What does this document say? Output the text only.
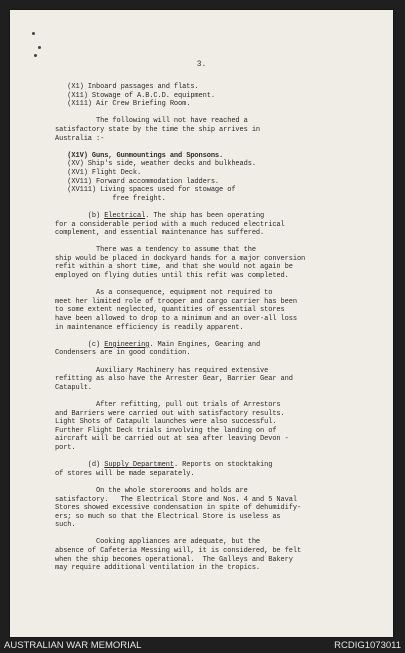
3.
(X1) Inboard passages and flats.
(X11) Stowage of A.B.C.D. equipment.
(X111) Air Crew Briefing Room.
The following will not have reached a
satisfactory state by the time the ship arrives in
Australia :-
(X1V) Guns, Gunmountings and Sponsons.
(XV) Ship's side, weather decks and bulkheads.
(XV1) Flight Deck.
(XV11) Forward accommodation ladders.
(XV111) Living spaces used for stowage of
free freight.
(b) Electrical. The ship has been operating
for a considerable period with a much reduced electrical
complement, and essential maintenance has suffered.
There was a tendency to assume that the
ship would be placed in dockyard hands for a major conversion
refit within a short time, and that she would not again be
employed on flying duties until this refit was completed.
As a consequence, equipment not required to
meet her limited role of trooper and cargo carrier has been
to some extent neglected, quantities of essential stores
have been allowed to drop to a minimum and an over-all loss
in maintenance efficiency is readily apparent.
(c) Engineering. Main Engines, Gearing and
Condensers are in good condition.
Auxiliary Machinery has required extensive
refitting as also have the Arrester Gear, Barrier Gear and
Catapult.
After refitting, pull out trials of Arrestors
and Barriers were carried out with satisfactory results.
Light Shots of Catapult launches were also successful.
Further Flight Deck trials involving the landing on of
aircraft will be carried out at sea after leaving Devon -
port.
(d) Supply Department. Reports on stocktaking
of stores will be made separately.
On the whole storerooms and holds are
satisfactory.   The Electrical Store and Nos. 4 and 5 Naval
Stores showed excessive condensation in spite of dehumidify-
ers; so much so that the Electrical Store is useless as
such.
Cooking appliances are adequate, but the
absence of Cafeteria Messing will, it is considered, be felt
when the ship becomes operational.  The Galleys and Bakery
may require additional ventilation in the tropics.
AUSTRALIAN WAR MEMORIAL	RCDIG1073011
